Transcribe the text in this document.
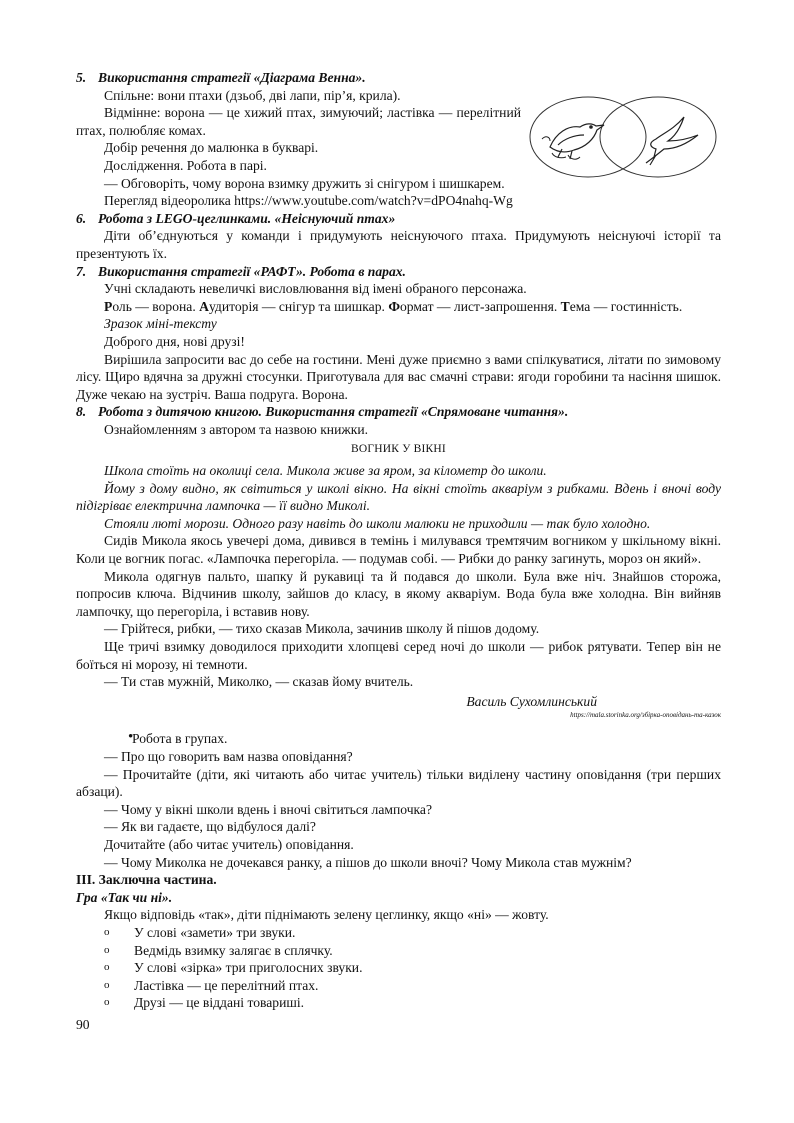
5. Використання стратегії «Діаграма Венна».

Спільне: вони птахи (дзьоб, дві лапи, пір’я, крила).

Відмінне: ворона — це хижий птах, зимуючий; ластівка — перелітний птах, полюбляє комах.

Добір речення до малюнка в букварі.

Дослідження. Робота в парі.

— Обговоріть, чому ворона взимку дружить зі снігуром і шишкарем.

Перегляд відеоролика https://www.youtube.com/watch?v=dPO4nahq-Wg

6. Робота з LEGO-цеглинками. «Неіснуючий птах»

Діти об’єднуються у команди і придумують неіснуючого птаха. Придумують неіснуючі історії та презентують їх.

7. Використання стратегії «РАФТ». Робота в парах.

Учні складають невеличкі висловлювання від імені обраного персонажа.

Роль — ворона. Аудиторія — снігур та шишкар. Формат — лист-запрошення. Тема — гостинність.

Зразок міні-тексту

Доброго дня, нові друзі!

Вирішила запросити вас до себе на гостини. Мені дуже приємно з вами спілкуватися, літати по зимовому лісу. Щиро вдячна за дружні стосунки. Приготувала для вас смачні страви: ягоди горобини та насіння шишок. Дуже чекаю на зустріч. Ваша подруга. Ворона.

8. Робота з дитячою книгою. Використання стратегії «Спрямоване читання».

Ознайомленням з автором та назвою книжки.

ВОГНИК У ВІКНІ

Школа стоїть на околиці села. Микола живе за яром, за кілометр до школи.

Йому з дому видно, як світиться у школі вікно. На вікні стоїть акваріум з рибками. Вдень і вночі воду підігріває електрична лампочка — її видно Миколі.

Стояли люті морози. Одного разу навіть до школи малюки не приходили — так було холодно.

Сидів Микола якось увечері дома, дивився в темінь і милувався тремтячим вогником у шкільному вікні. Коли це вогник погас. «Лампочка перегоріла. — подумав собі. — Рибки до ранку загинуть, мороз он який».

Микола одягнув пальто, шапку й рукавиці та й подався до школи. Була вже ніч. Знайшов сторожа, попросив ключа. Відчинив школу, зайшов до класу, в якому акваріум. Вода була вже холодна. Він вийняв лампочку, що перегоріла, і вставив нову.

— Грійтеся, рибки, — тихо сказав Микола, зачинив школу й пішов додому.

Ще тричі взимку доводилося приходити хлопцеві серед ночі до школи — рибок рятувати. Тепер він не боїться ні морозу, ні темноти.

— Ти став мужній, Миколко, — сказав йому вчитель.

Василь Сухомлинський

https://mala.storinka.org/збірка-оповідань-та-казок

• Робота в групах.

— Про що говорить вам назва оповідання?

— Прочитайте (діти, які читають або читає учитель) тільки виділену частину оповідання (три перших абзаци).

— Чому у вікні школи вдень і вночі світиться лампочка?

— Як ви гадаєте, що відбулося далі?

Дочитайте (або читає учитель) оповідання.

— Чому Миколка не дочекався ранку, а пішов до школи вночі? Чому Микола став мужнім?

ІІІ. Заключна частина.

Гра «Так чи ні».

Якщо відповідь «так», діти піднімають зелену цеглинку, якщо «ні» — жовту.

o У слові «замети» три звуки.

o Ведмідь взимку залягає в сплячку.

o У слові «зірка» три приголосних звуки.

o Ластівка — це перелітний птах.

o Друзі — це віддані товариші.

90
